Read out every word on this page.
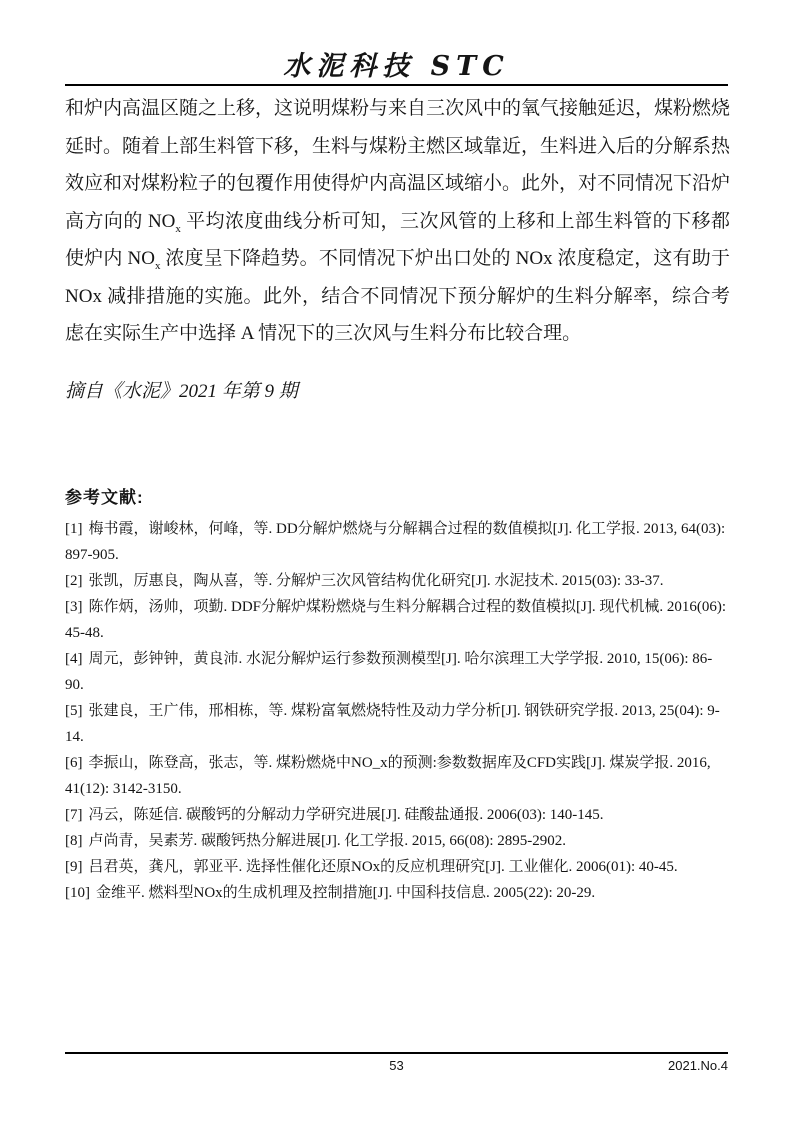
水泥科技 STC
和炉内高温区随之上移，这说明煤粉与来自三次风中的氧气接触延迟，煤粉燃烧延时。随着上部生料管下移，生料与煤粉主燃区域靠近，生料进入后的分解系热效应和对煤粉粒子的包覆作用使得炉内高温区域缩小。此外，对不同情况下沿炉高方向的 $NO_x$ 平均浓度曲线分析可知，三次风管的上移和上部生料管的下移都使炉内 $NO_x$ 浓度呈下降趋势。不同情况下炉出口处的 NOx 浓度稳定，这有助于 NOx 减排措施的实施。此外，结合不同情况下预分解炉的生料分解率，综合考虑在实际生产中选择 A 情况下的三次风与生料分布比较合理。
摘自《水泥》2021 年第 9 期
参考文献:
[1] 梅书霞，谢峻林，何峰，等. DD分解炉燃烧与分解耦合过程的数值模拟[J]. 化工学报. 2013, 64(03): 897-905.
[2] 张凯，厉惠良，陶从喜，等. 分解炉三次风管结构优化研究[J]. 水泥技术. 2015(03): 33-37.
[3] 陈作炳，汤帅，项勤. DDF分解炉煤粉燃烧与生料分解耦合过程的数值模拟[J]. 现代机械. 2016(06): 45-48.
[4] 周元，彭钟钟，黄良沛. 水泥分解炉运行参数预测模型[J]. 哈尔滨理工大学学报. 2010, 15(06): 86-90.
[5] 张建良，王广伟，邢相栋，等. 煤粉富氧燃烧特性及动力学分析[J]. 钢铁研究学报. 2013, 25(04): 9-14.
[6] 李振山，陈登高，张志，等. 煤粉燃烧中NO_x的预测:参数数据库及CFD实践[J]. 煤炭学报. 2016, 41(12): 3142-3150.
[7] 冯云，陈延信. 碳酸钙的分解动力学研究进展[J]. 硅酸盐通报. 2006(03): 140-145.
[8] 卢尚青，吴素芳. 碳酸钙热分解进展[J]. 化工学报. 2015, 66(08): 2895-2902.
[9] 吕君英，龚凡，郭亚平. 选择性催化还原NOx的反应机理研究[J]. 工业催化. 2006(01): 40-45.
[10] 金维平. 燃料型NOx的生成机理及控制措施[J]. 中国科技信息. 2005(22): 20-29.
53	2021.No.4
